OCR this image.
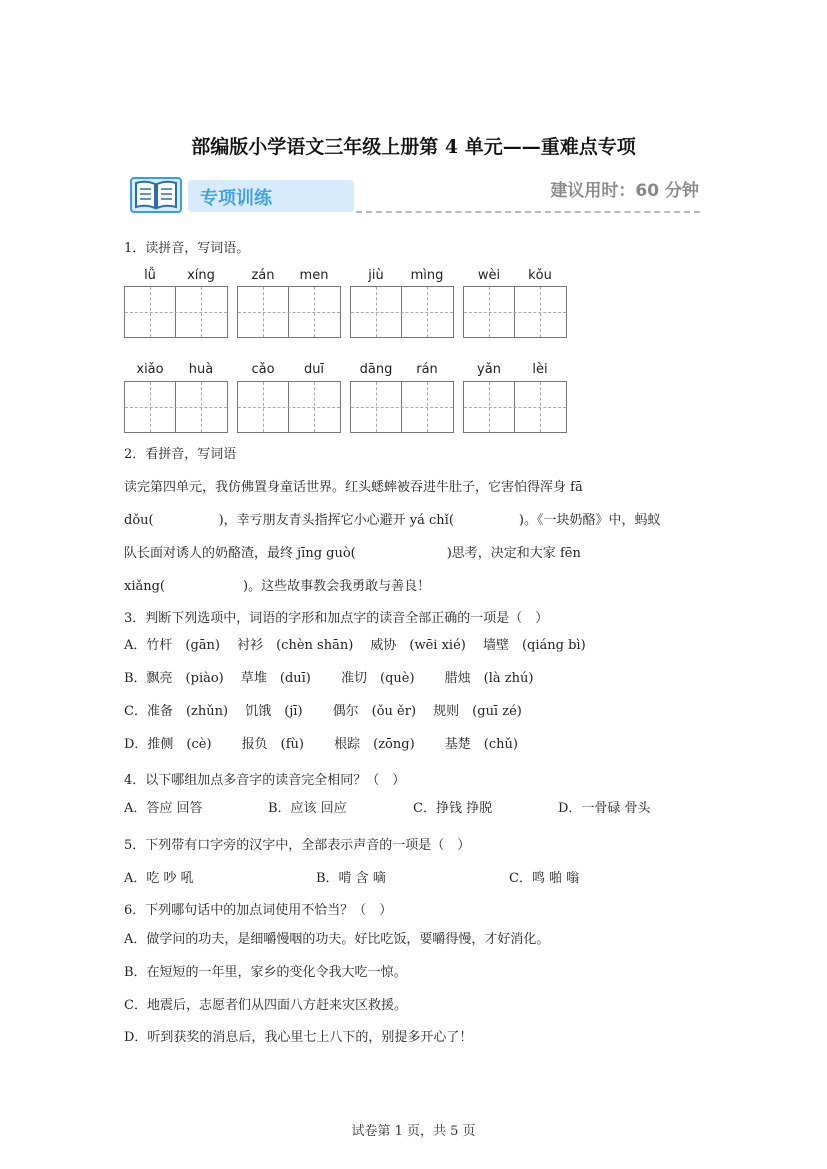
部编版小学语文三年级上册第 4 单元——重难点专项
专项训练	建议用时：60 分钟
1．读拼音，写词语。
lǚ	xíng	zán	men	jiù	mìng	wèi	kǒu
xiǎo	huà	cǎo	duī	dāng	rán	yǎn	lèi
2．看拼音，写词语
读完第四单元，我仿佛置身童话世界。红头蟋蟀被吞进牛肚子，它害怕得浑身 fā
dǒu(　　　　　)，幸亏朋友青头指挥它小心避开 yá chǐ(　　　　　)。《一块奶酪》中，蚂蚁
队长面对诱人的奶酪渣，最终 jīng guò(　　　　　　　)思考，决定和大家 fēn
xiǎng(　　　　　　)。这些故事教会我勇敢与善良！
3．判断下列选项中，词语的字形和加点字的读音全部正确的一项是（　）
A．竹杆　(gān)　 衬衫　(chèn shān)　 威协　(wēi xié)　 墙壁　(qiáng bì)
B．飘亮　(piào)　 草堆　(duī)　　 准切　(què)　　 腊烛　(là zhú)
C．准备　(zhǔn)　 饥饿　(jī)　　 偶尔　(ǒu ěr)　 规则　(guī zé)
D．推侧　(cè)　　 报负　(fù)　　 根踪　(zōng)　　 基楚　(chǔ)
4．以下哪组加点多音字的读音完全相同？（　）
A．答应 回答	B．应该 回应	C．挣钱 挣脱	D．一骨碌 骨头
5．下列带有口字旁的汉字中，全部表示声音的一项是（　）
A．吃 吵 吼	B．啃 含 嘀	C．鸣 啪 嗡
6．下列哪句话中的加点词使用不恰当？（　）
A．做学问的功夫，是细嚼慢咽的功夫。好比吃饭，要嚼得慢，才好消化。
B．在短短的一年里，家乡的变化令我大吃一惊。
C．地震后，志愿者们从四面八方赶来灾区救援。
D．听到获奖的消息后，我心里七上八下的，别提多开心了！
试卷第 1 页，共 5 页
